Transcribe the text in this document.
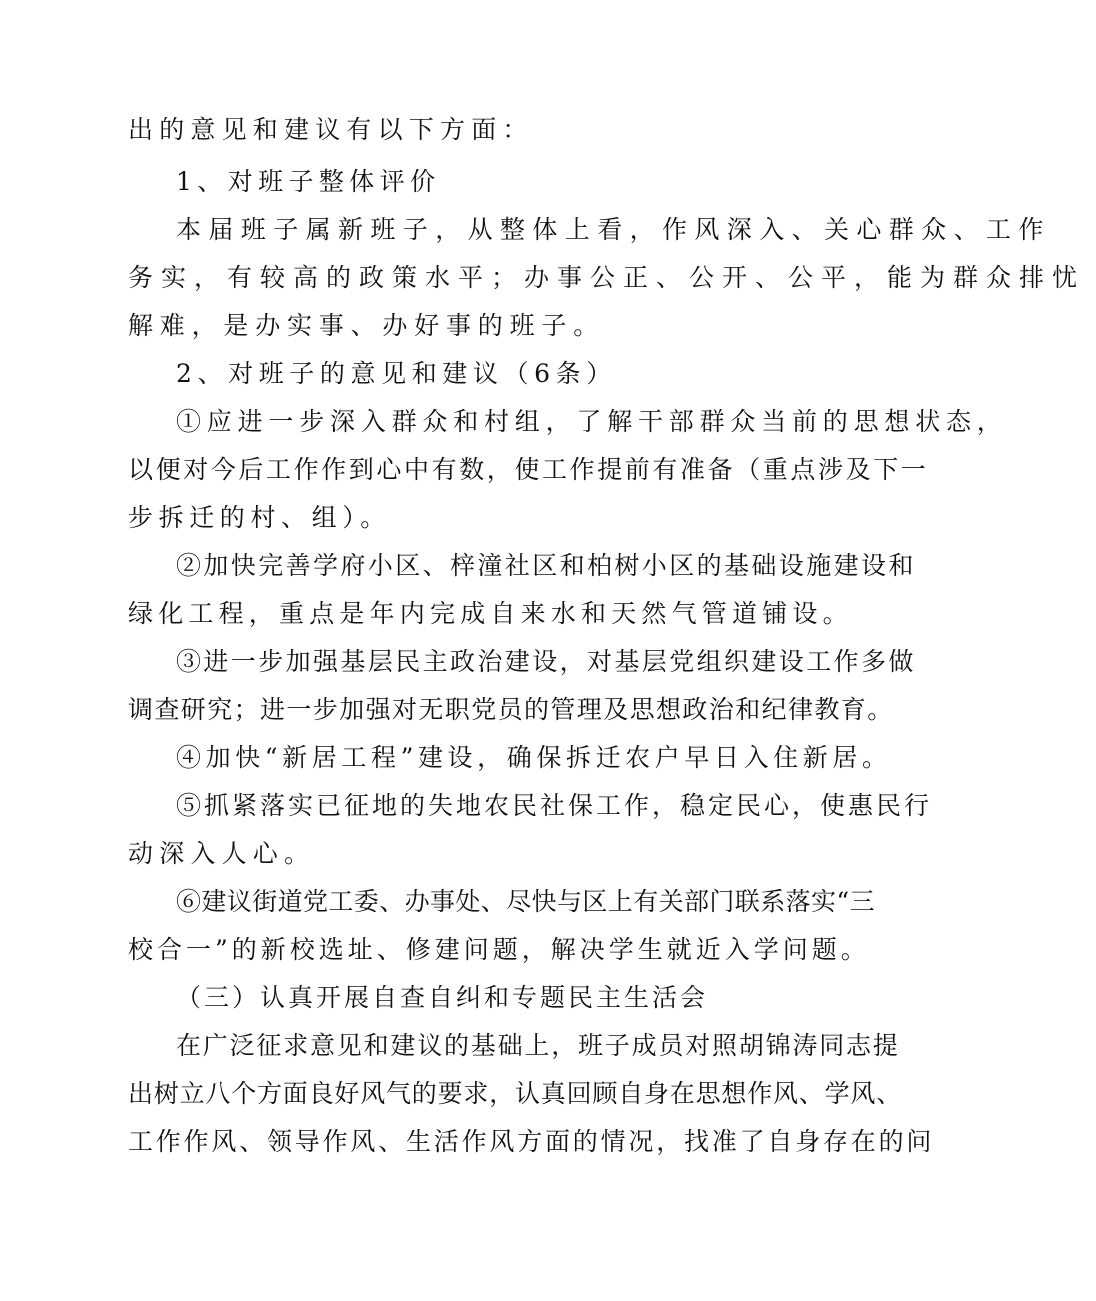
出的意见和建议有以下方面：

1、对班子整体评价

本届班子属新班子，从整体上看，作风深入、关心群众、工作

务实，有较高的政策水平；办事公正、公开、公平，能为群众排忧

解难，是办实事、办好事的班子。

2、对班子的意见和建议（6条）

①应进一步深入群众和村组，了解干部群众当前的思想状态，

以便对今后工作作到心中有数，使工作提前有准备（重点涉及下一

步拆迁的村、组）。

②加快完善学府小区、梓潼社区和柏树小区的基础设施建设和

绿化工程，重点是年内完成自来水和天然气管道铺设。

③进一步加强基层民主政治建设，对基层党组织建设工作多做

调查研究；进一步加强对无职党员的管理及思想政治和纪律教育。

④加快“新居工程”建设，确保拆迁农户早日入住新居。

⑤抓紧落实已征地的失地农民社保工作，稳定民心，使惠民行

动深入人心。

⑥建议街道党工委、办事处、尽快与区上有关部门联系落实“三

校合一”的新校选址、修建问题，解决学生就近入学问题。

（三）认真开展自查自纠和专题民主生活会

在广泛征求意见和建议的基础上，班子成员对照胡锦涛同志提

出树立八个方面良好风气的要求，认真回顾自身在思想作风、学风、

工作作风、领导作风、生活作风方面的情况，找准了自身存在的问
